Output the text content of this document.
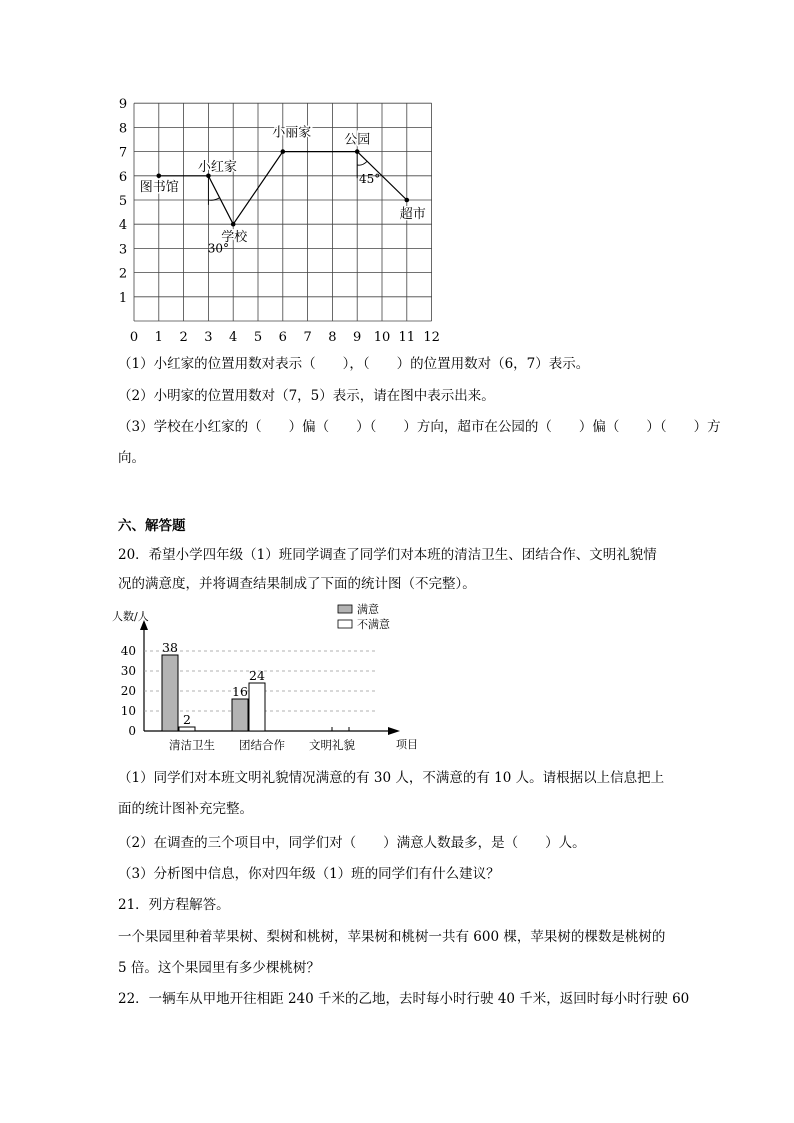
0 1 2 3 4 5 6 7 8 9 10 11 12
1
2
3
4
5
6
7
8
9
图书馆
小红家
学校
小丽家	公园
超市
30°
45°
（1）小红家的位置用数对表示（　　），（　　）的位置用数对（6，7）表示。
（2）小明家的位置用数对（7，5）表示，请在图中表示出来。
（3）学校在小红家的（　　）偏（　　）（　　）方向，超市在公园的（　　）偏（　　）（　　）方
向。
六、解答题
20．希望小学四年级（1）班同学调查了同学们对本班的清洁卫生、团结合作、文明礼貌情
况的满意度，并将调查结果制成了下面的统计图（不完整）。
人数/人
项目
0
10
20
30
40
满意
不满意
清洁卫生
38
2
团结合作
16
24
文明礼貌
（1）同学们对本班文明礼貌情况满意的有 30 人，不满意的有 10 人。请根据以上信息把上
面的统计图补充完整。
（2）在调查的三个项目中，同学们对（　　）满意人数最多，是（　　）人。
（3）分析图中信息，你对四年级（1）班的同学们有什么建议？
21．列方程解答。
一个果园里种着苹果树、梨树和桃树，苹果树和桃树一共有 600 棵，苹果树的棵数是桃树的
5 倍。这个果园里有多少棵桃树？
22．一辆车从甲地开往相距 240 千米的乙地，去时每小时行驶 40 千米，返回时每小时行驶 60
